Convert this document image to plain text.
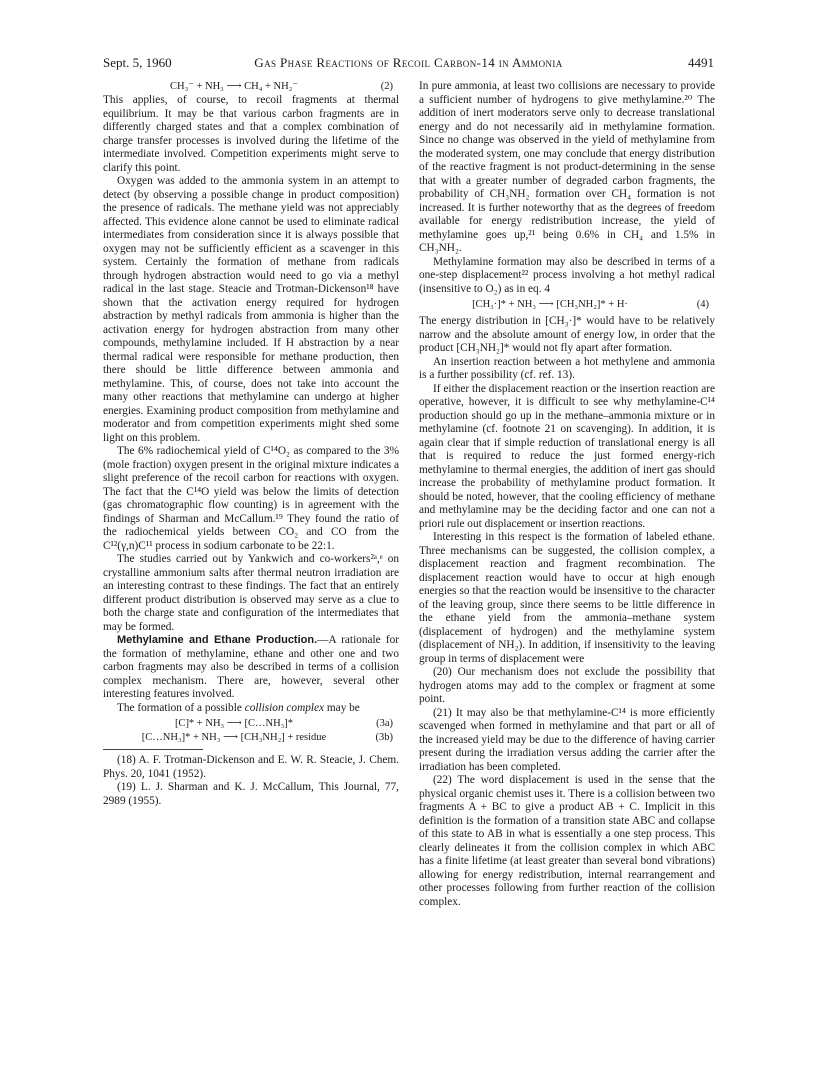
Sept. 5, 1960	Gas Phase Reactions of Recoil Carbon-14 in Ammonia	4491
CH₃⁻ + NH₃ ⟶ CH₄ + NH₂⁻	(2)

This applies, of course, to recoil fragments at thermal equilibrium. It may be that various carbon fragments are in differently charged states and that a complex combination of charge transfer processes is involved during the lifetime of the intermediate involved. Competition experiments might serve to clarify this point.

Oxygen was added to the ammonia system in an attempt to detect (by observing a possible change in product composition) the presence of radicals. The methane yield was not appreciably affected. This evidence alone cannot be used to eliminate radical intermediates from consideration since it is always possible that oxygen may not be sufficiently efficient as a scavenger in this system. Certainly the formation of methane from radicals through hydrogen abstraction would need to go via a methyl radical in the last stage. Steacie and Trotman-Dickenson¹⁸ have shown that the activation energy required for hydrogen abstraction by methyl radicals from ammonia is higher than the activation energy for hydrogen abstraction from many other compounds, methylamine included. If H abstraction by a near thermal radical were responsible for methane production, then there should be little difference between ammonia and methylamine. This, of course, does not take into account the many other reactions that methylamine can undergo at higher energies. Examining product composition from methylamine and moderator and from competition experiments might shed some light on this problem.

The 6% radiochemical yield of C¹⁴O₂ as compared to the 3% (mole fraction) oxygen present in the original mixture indicates a slight preference of the recoil carbon for reactions with oxygen. The fact that the C¹⁴O yield was below the limits of detection (gas chromatographic flow counting) is in agreement with the findings of Sharman and McCallum.¹⁹ They found the ratio of the radiochemical yields between CO₂ and CO from the C¹²(γ,n)C¹¹ process in sodium carbonate to be 22:1.

The studies carried out by Yankwich and co-workers²ᵃ,ᵉ on crystalline ammonium salts after thermal neutron irradiation are an interesting contrast to these findings. The fact that an entirely different product distribution is observed may serve as a clue to both the charge state and configuration of the intermediates that may be formed.

Methylamine and Ethane Production.—A rationale for the formation of methylamine, ethane and other one and two carbon fragments may also be described in terms of a collision complex mechanism. There are, however, several other interesting features involved.

The formation of a possible collision complex may be

[C]* + NH₃ ⟶ [C…NH₃]*	(3a)
[C…NH₃]* + NH₃ ⟶ [CH₃NH₂] + residue	(3b)

(18) A. F. Trotman-Dickenson and E. W. R. Steacie, J. Chem. Phys. 20, 1041 (1952).

(19) L. J. Sharman and K. J. McCallum, This Journal, 77, 2989 (1955).

In pure ammonia, at least two collisions are necessary to provide a sufficient number of hydrogens to give methylamine.²⁰ The addition of inert moderators serve only to decrease translational energy and do not necessarily aid in methylamine formation. Since no change was observed in the yield of methylamine from the moderated system, one may conclude that energy distribution of the reactive fragment is not product-determining in the sense that with a greater number of degraded carbon fragments, the probability of CH₃NH₂ formation over CH₄ formation is not increased. It is further noteworthy that as the degrees of freedom available for energy redistribution increase, the yield of methylamine goes up,²¹ being 0.6% in CH₄ and 1.5% in CH₃NH₂.

Methylamine formation may also be described in terms of a one-step displacement²² process involving a hot methyl radical (insensitive to O₂) as in eq. 4

[CH₃·]* + NH₃ ⟶ [CH₃NH₂]* + H·	(4)

The energy distribution in [CH₃·]* would have to be relatively narrow and the absolute amount of energy low, in order that the product [CH₃NH₂]* would not fly apart after formation.

An insertion reaction between a hot methylene and ammonia is a further possibility (cf. ref. 13).

If either the displacement reaction or the insertion reaction are operative, however, it is difficult to see why methylamine-C¹⁴ production should go up in the methane–ammonia mixture or in methylamine (cf. footnote 21 on scavenging). In addition, it is again clear that if simple reduction of translational energy is all that is required to reduce the just formed energy-rich methylamine to thermal energies, the addition of inert gas should increase the probability of methylamine product formation. It should be noted, however, that the cooling efficiency of methane and methylamine may be the deciding factor and one can not a priori rule out displacement or insertion reactions.

Interesting in this respect is the formation of labeled ethane. Three mechanisms can be suggested, the collision complex, a displacement reaction and fragment recombination. The displacement reaction would have to occur at high enough energies so that the reaction would be insensitive to the character of the leaving group, since there seems to be little difference in the ethane yield from the ammonia–methane system (displacement of hydrogen) and the methylamine system (displacement of NH₂). In addition, if insensitivity to the leaving group in terms of displacement were

(20) Our mechanism does not exclude the possibility that hydrogen atoms may add to the complex or fragment at some point.

(21) It may also be that methylamine-C¹⁴ is more efficiently scavenged when formed in methylamine and that part or all of the increased yield may be due to the difference of having carrier present during the irradiation versus adding the carrier after the irradiation has been completed.

(22) The word displacement is used in the sense that the physical organic chemist uses it. There is a collision between two fragments A + BC to give a product AB + C. Implicit in this definition is the formation of a transition state ABC and collapse of this state to AB in what is essentially a one step process. This clearly delineates it from the collision complex in which ABC has a finite lifetime (at least greater than several bond vibrations) allowing for energy redistribution, internal rearrangement and other processes following from further reaction of the collision complex.
